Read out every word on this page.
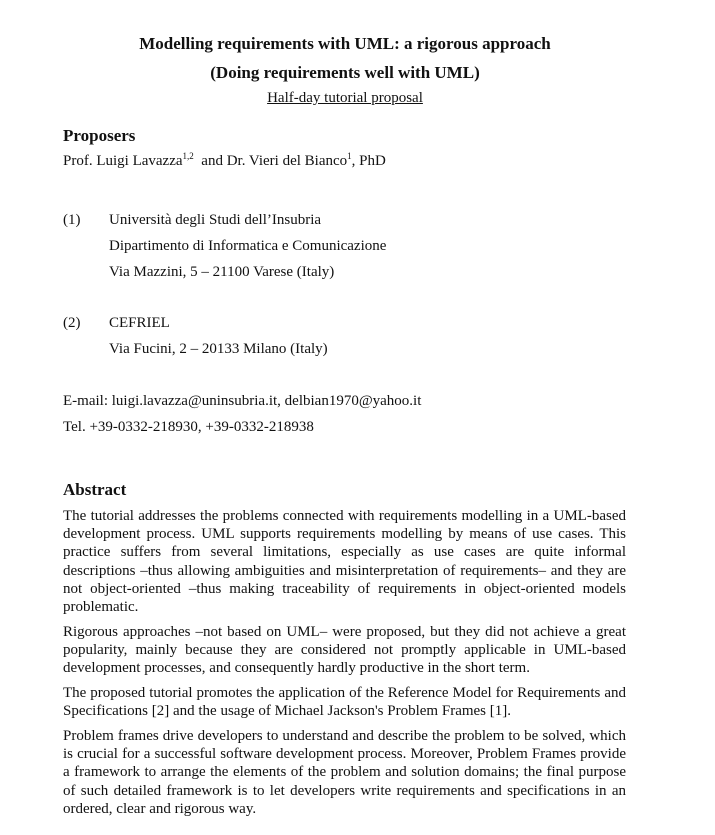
Modelling requirements with UML: a rigorous approach
(Doing requirements well with UML)
Half-day tutorial proposal
Proposers
Prof. Luigi Lavazza$^{1,2}$ and Dr. Vieri del Bianco$^1$, PhD
(1) Università degli Studi dell’Insubria
Dipartimento di Informatica e Comunicazione
Via Mazzini, 5 – 21100 Varese (Italy)
(2) CEFRIEL
Via Fucini, 2 – 20133 Milano (Italy)
E-mail: luigi.lavazza@uninsubria.it, delbian1970@yahoo.it
Tel. +39-0332-218930, +39-0332-218938
Abstract
The tutorial addresses the problems connected with requirements modelling in a UML-based development process. UML supports requirements modelling by means of use cases. This practice suffers from several limitations, especially as use cases are quite informal descriptions –thus allowing ambiguities and misinterpretation of requirements– and they are not object-oriented –thus making traceability of requirements in object-oriented models problematic.
Rigorous approaches –not based on UML– were proposed, but they did not achieve a great popularity, mainly because they are considered not promptly applicable in UML-based development processes, and consequently hardly productive in the short term.
The proposed tutorial promotes the application of the Reference Model for Requirements and Specifications [2] and the usage of Michael Jackson's Problem Frames [1].
Problem frames drive developers to understand and describe the problem to be solved, which is crucial for a successful software development process. Moreover, Problem Frames provide a framework to arrange the elements of the problem and solution domains; the final purpose of such detailed framework is to let developers write requirements and specifications in an ordered, clear and rigorous way.
